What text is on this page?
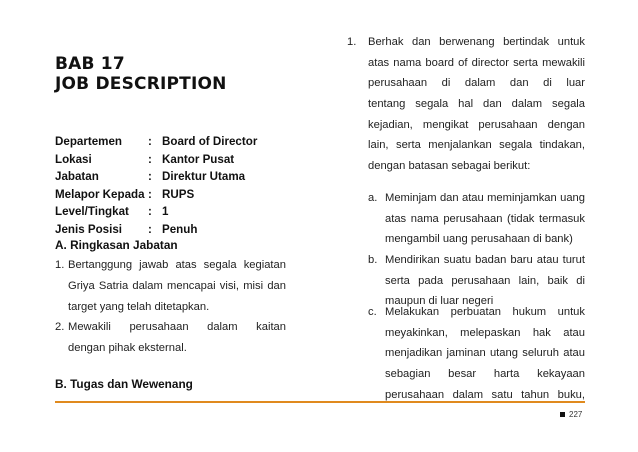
BAB 17
JOB DESCRIPTION
Departemen : Board of Director
Lokasi	: Kantor Pusat
Jabatan	: Direktur Utama
Melapor Kepada : RUPS
Level/Tingkat : 1
Jenis Posisi : Penuh
A. Ringkasan Jabatan
1. Bertanggung jawab atas segala kegiatan
Griya Satria dalam mencapai visi, misi dan
target yang telah ditetapkan.
2. Mewakili perusahaan dalam kaitan
dengan pihak eksternal.
B. Tugas dan Wewenang
1. Berhak dan berwenang bertindak untuk
atas nama board of director serta mewakili
perusahaan di dalam dan di luar
tentang segala hal dan dalam segala
kejadian, mengikat perusahaan dengan
lain, serta menjalankan segala tindakan,
dengan batasan sebagai berikut:
a. Meminjam dan atau meminjamkan uang
atas nama perusahaan (tidak termasuk
mengambil uang perusahaan di bank)
b. Mendirikan suatu badan baru atau turut
serta pada perusahaan lain, baik di
maupun di luar negeri
c. Melakukan perbuatan hukum untuk
meyakinkan, melepaskan hak atau
menjadikan jaminan utang seluruh atau
sebagian besar harta kekayaan
perusahaan dalam satu tahun buku,
227
